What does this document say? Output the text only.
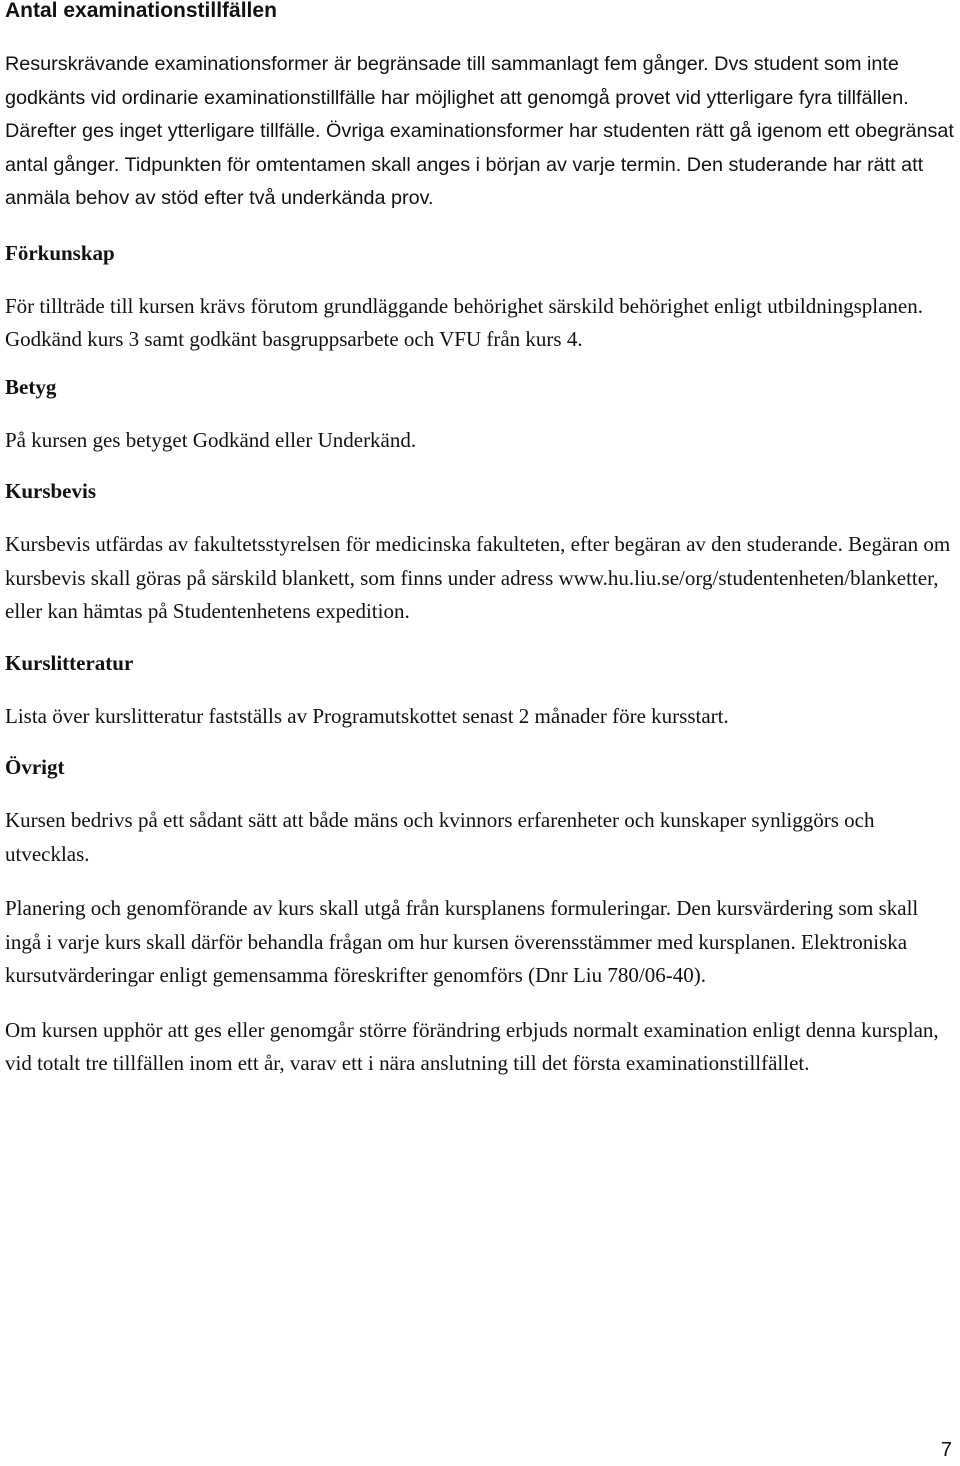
Antal examinationstillfällen

Resurskrävande examinationsformer är begränsade till sammanlagt fem gånger. Dvs student som inte godkänts vid ordinarie examinationstillfälle har möjlighet att genomgå provet vid ytterligare fyra tillfällen. Därefter ges inget ytterligare tillfälle. Övriga examinationsformer har studenten rätt gå igenom ett obegränsat antal gånger. Tidpunkten för omtentamen skall anges i början av varje termin. Den studerande har rätt att anmäla behov av stöd efter två underkända prov.

Förkunskap

För tillträde till kursen krävs förutom grundläggande behörighet särskild behörighet enligt utbildningsplanen. Godkänd kurs 3 samt godkänt basgruppsarbete och VFU från kurs 4.

Betyg

På kursen ges betyget Godkänd eller Underkänd.

Kursbevis

Kursbevis utfärdas av fakultetsstyrelsen för medicinska fakulteten, efter begäran av den studerande. Begäran om kursbevis skall göras på särskild blankett, som finns under adress www.hu.liu.se/org/studentenheten/blanketter, eller kan hämtas på Studentenhetens expedition.

Kurslitteratur

Lista över kurslitteratur fastställs av Programutskottet senast 2 månader före kursstart.

Övrigt

Kursen bedrivs på ett sådant sätt att både mäns och kvinnors erfarenheter och kunskaper synliggörs och utvecklas.

Planering och genomförande av kurs skall utgå från kursplanens formuleringar. Den kursvärdering som skall ingå i varje kurs skall därför behandla frågan om hur kursen överensstämmer med kursplanen. Elektroniska kursutvärderingar enligt gemensamma föreskrifter genomförs (Dnr Liu 780/06-40).

Om kursen upphör att ges eller genomgår större förändring erbjuds normalt examination enligt denna kursplan, vid totalt tre tillfällen inom ett år, varav ett i nära anslutning till det första examinationstillfället.

7
